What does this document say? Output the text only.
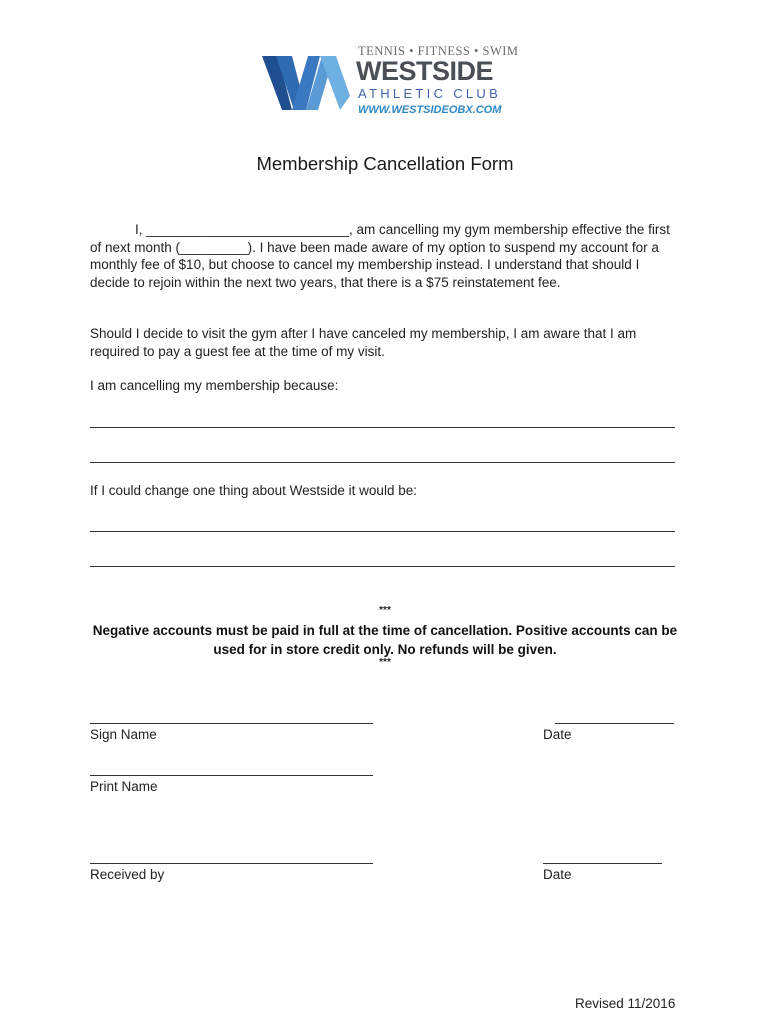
TENNIS • FITNESS • SWIM
WESTSIDE
ATHLETIC CLUB
WWW.WESTSIDEOBX.COM
Membership Cancellation Form
I, ___________________________, am cancelling my gym membership effective the first of next month (_________). I have been made aware of my option to suspend my account for a monthly fee of $10, but choose to cancel my membership instead. I understand that should I decide to rejoin within the next two years, that there is a $75 reinstatement fee.
Should I decide to visit the gym after I have canceled my membership, I am aware that I am required to pay a guest fee at the time of my visit.
I am cancelling my membership because:
If I could change one thing about Westside it would be:
***
Negative accounts must be paid in full at the time of cancellation. Positive accounts can be used for in store credit only. No refunds will be given.
***
Sign Name	Date
Print Name
Received by	Date
Revised 11/2016
